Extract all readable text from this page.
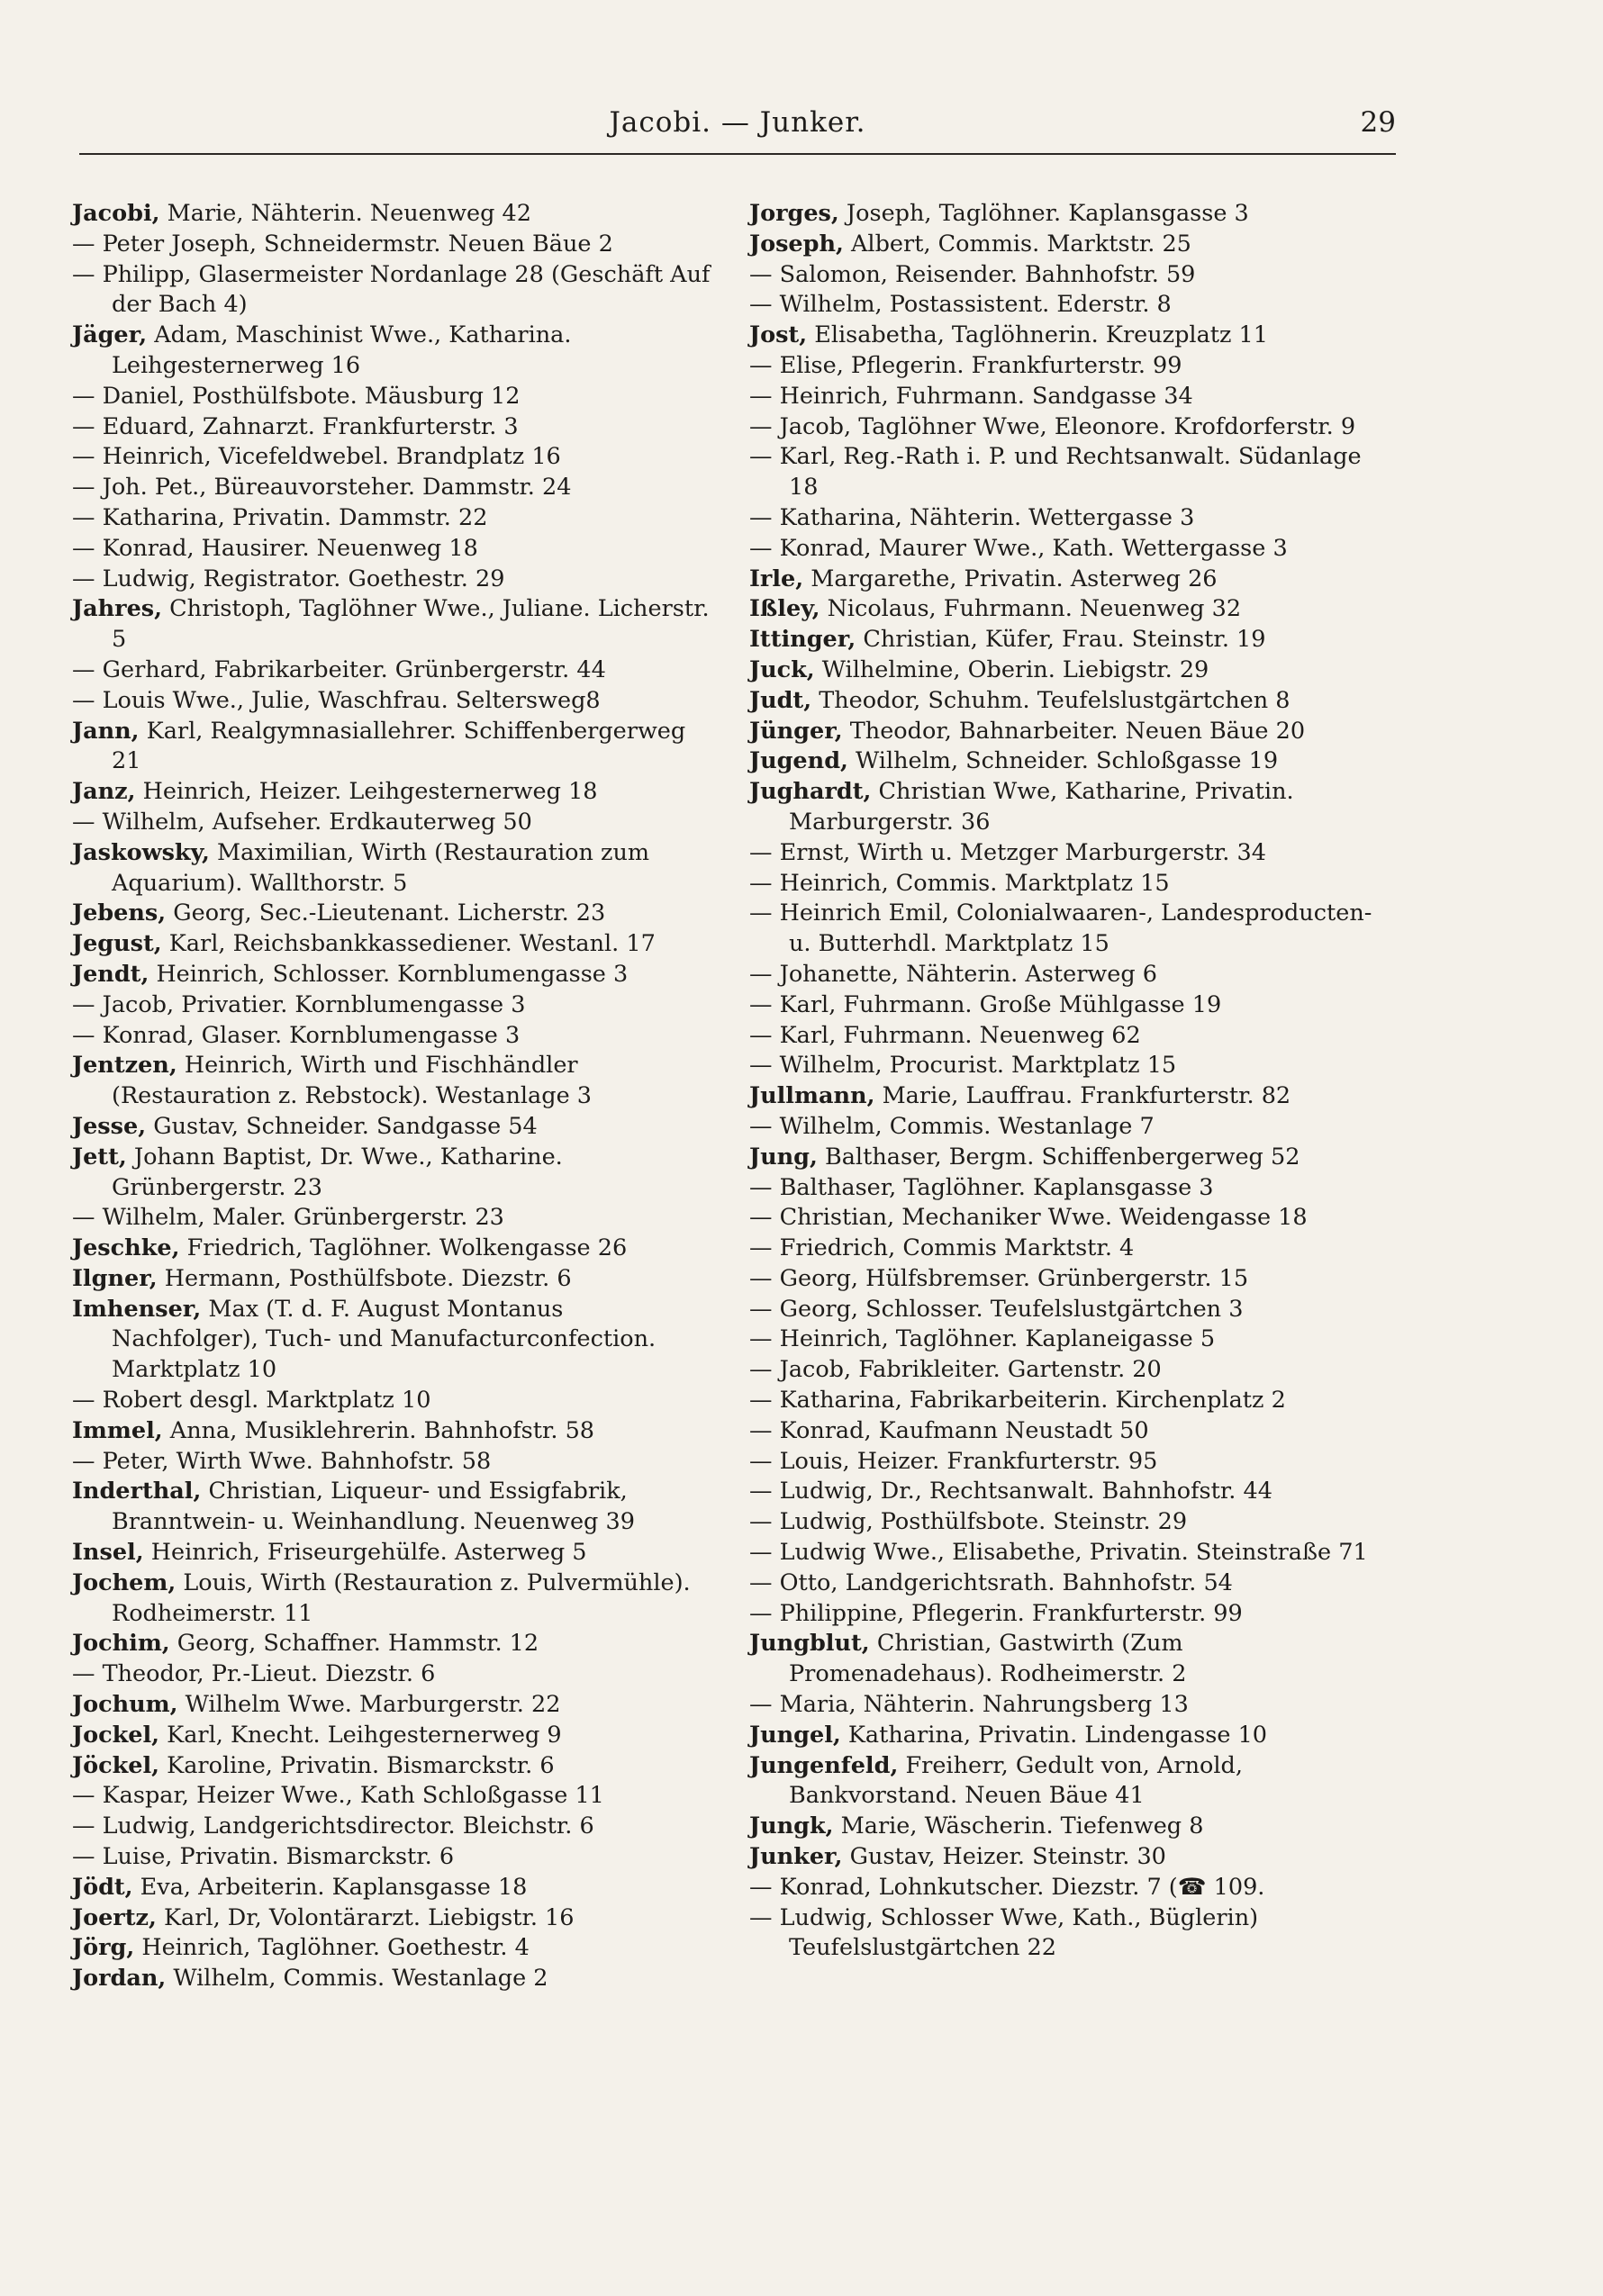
Jacobi. — Junker.	29

Jacobi, Marie, Nähterin. Neuenweg 42

— Peter Joseph, Schneidermstr. Neuen Bäue 2

— Philipp, Glasermeister Nordanlage 28 (Geschäft Auf der Bach 4)

Jäger, Adam, Maschinist Wwe., Katharina. Leihgesternerweg 16

— Daniel, Posthülfsbote. Mäusburg 12

— Eduard, Zahnarzt. Frankfurterstr. 3

— Heinrich, Vicefeldwebel. Brandplatz 16

— Joh. Pet., Büreauvorsteher. Dammstr. 24

— Katharina, Privatin. Dammstr. 22

— Konrad, Hausirer. Neuenweg 18

— Ludwig, Registrator. Goethestr. 29

Jahres, Christoph, Taglöhner Wwe., Juliane. Licherstr. 5

— Gerhard, Fabrikarbeiter. Grünbergerstr. 44

— Louis Wwe., Julie, Waschfrau. Selterswеg8

Jann, Karl, Realgymnasiallehrer. Schiffenbergerweg 21

Janz, Heinrich, Heizer. Leihgesternerweg 18

— Wilhelm, Aufseher. Erdkauterweg 50

Jaskowsky, Maximilian, Wirth (Restauration zum Aquarium). Wallthorstr. 5

Jebens, Georg, Sec.-Lieutenant. Licherstr. 23

Jegust, Karl, Reichsbankkassediener. Westanl. 17

Jendt, Heinrich, Schlosser. Kornblumengasse 3

— Jacob, Privatier. Kornblumengasse 3

— Konrad, Glaser. Kornblumengasse 3

Jentzen, Heinrich, Wirth und Fischhändler (Restauration z. Rebstock). Westanlage 3

Jesse, Gustav, Schneider. Sandgasse 54

Jett, Johann Baptist, Dr. Wwe., Katharine. Grünbergerstr. 23

— Wilhelm, Maler. Grünbergerstr. 23

Jeschke, Friedrich, Taglöhner. Wolkengasse 26

Ilgner, Hermann, Posthülfsbote. Diezstr. 6

Imhenser, Max (T. d. F. August Montanus Nachfolger), Tuch- und Manufacturconfection. Marktplatz 10

— Robert desgl. Marktplatz 10

Immel, Anna, Musiklehrerin. Bahnhofstr. 58

— Peter, Wirth Wwe. Bahnhofstr. 58

Inderthal, Christian, Liqueur- und Essigfabrik, Branntwein- u. Weinhandlung. Neuenweg 39

Insel, Heinrich, Friseurgehülfe. Asterweg 5

Jochem, Louis, Wirth (Restauration z. Pulvermühle). Rodheimerstr. 11

Jochim, Georg, Schaffner. Hammstr. 12

— Theodor, Pr.-Lieut. Diezstr. 6

Jochum, Wilhelm Wwe. Marburgerstr. 22

Jockel, Karl, Knecht. Leihgesternerweg 9

Jöckel, Karoline, Privatin. Bismarckstr. 6

— Kaspar, Heizer Wwe., Kath Schloßgasse 11

— Ludwig, Landgerichtsdirector. Bleichstr. 6

— Luise, Privatin. Bismarckstr. 6

Jödt, Eva, Arbeiterin. Kaplansgasse 18

Joertz, Karl, Dr, Volontärarzt. Liebigstr. 16

Jörg, Heinrich, Taglöhner. Goethestr. 4

Jordan, Wilhelm, Commis. Westanlage 2

Jorges, Joseph, Taglöhner. Kaplansgasse 3

Joseph, Albert, Commis. Marktstr. 25

— Salomon, Reisender. Bahnhofstr. 59

— Wilhelm, Postassistent. Ederstr. 8

Jost, Elisabetha, Taglöhnerin. Kreuzplatz 11

— Elise, Pflegerin. Frankfurterstr. 99

— Heinrich, Fuhrmann. Sandgasse 34

— Jacob, Taglöhner Wwe, Eleonore. Krofdorferstr. 9

— Karl, Reg.-Rath i. P. und Rechtsanwalt. Südanlage 18

— Katharina, Nähterin. Wettergasse 3

— Konrad, Maurer Wwe., Kath. Wettergasse 3

Irle, Margarethe, Privatin. Asterweg 26

Ißley, Nicolaus, Fuhrmann. Neuenweg 32

Ittinger, Christian, Küfer, Frau. Steinstr. 19

Juck, Wilhelmine, Oberin. Liebigstr. 29

Judt, Theodor, Schuhm. Teufelslustgärtchen 8

Jünger, Theodor, Bahnarbeiter. Neuen Bäue 20

Jugend, Wilhelm, Schneider. Schloßgasse 19

Jughardt, Christian Wwe, Katharine, Privatin. Marburgerstr. 36

— Ernst, Wirth u. Metzger Marburgerstr. 34

— Heinrich, Commis. Marktplatz 15

— Heinrich Emil, Colonialwaaren-, Landesproducten- u. Butterhdl. Marktplatz 15

— Johanette, Nähterin. Asterweg 6

— Karl, Fuhrmann. Große Mühlgasse 19

— Karl, Fuhrmann. Neuenweg 62

— Wilhelm, Procurist. Marktplatz 15

Jullmann, Marie, Lauffrau. Frankfurterstr. 82

— Wilhelm, Commis. Westanlage 7

Jung, Balthaser, Bergm. Schiffenbergerweg 52

— Balthaser, Taglöhner. Kaplansgasse 3

— Christian, Mechaniker Wwe. Weidengasse 18

— Friedrich, Commis Marktstr. 4

— Georg, Hülfsbremser. Grünbergerstr. 15

— Georg, Schlosser. Teufelslustgärtchen 3

— Heinrich, Taglöhner. Kaplaneigasse 5

— Jacob, Fabrikleiter. Gartenstr. 20

— Katharina, Fabrikarbeiterin. Kirchenplatz 2

— Konrad, Kaufmann Neustadt 50

— Louis, Heizer. Frankfurterstr. 95

— Ludwig, Dr., Rechtsanwalt. Bahnhofstr. 44

— Ludwig, Posthülfsbote. Steinstr. 29

— Ludwig Wwe., Elisabethe, Privatin. Steinstraße 71

— Otto, Landgerichtsrath. Bahnhofstr. 54

— Philippine, Pflegerin. Frankfurterstr. 99

Jungblut, Christian, Gastwirth (Zum Promenadehaus). Rodheimerstr. 2

— Maria, Nähterin. Nahrungsberg 13

Jungel, Katharina, Privatin. Lindengasse 10

Jungenfeld, Freiherr, Gedult von, Arnold, Bankvorstand. Neuen Bäue 41

Jungk, Marie, Wäscherin. Tiefenweg 8

Junker, Gustav, Heizer. Steinstr. 30

— Konrad, Lohnkutscher. Diezstr. 7 (☎ 109.

— Ludwig, Schlosser Wwe, Kath., Büglerin) Teufelslustgärtchen 22
